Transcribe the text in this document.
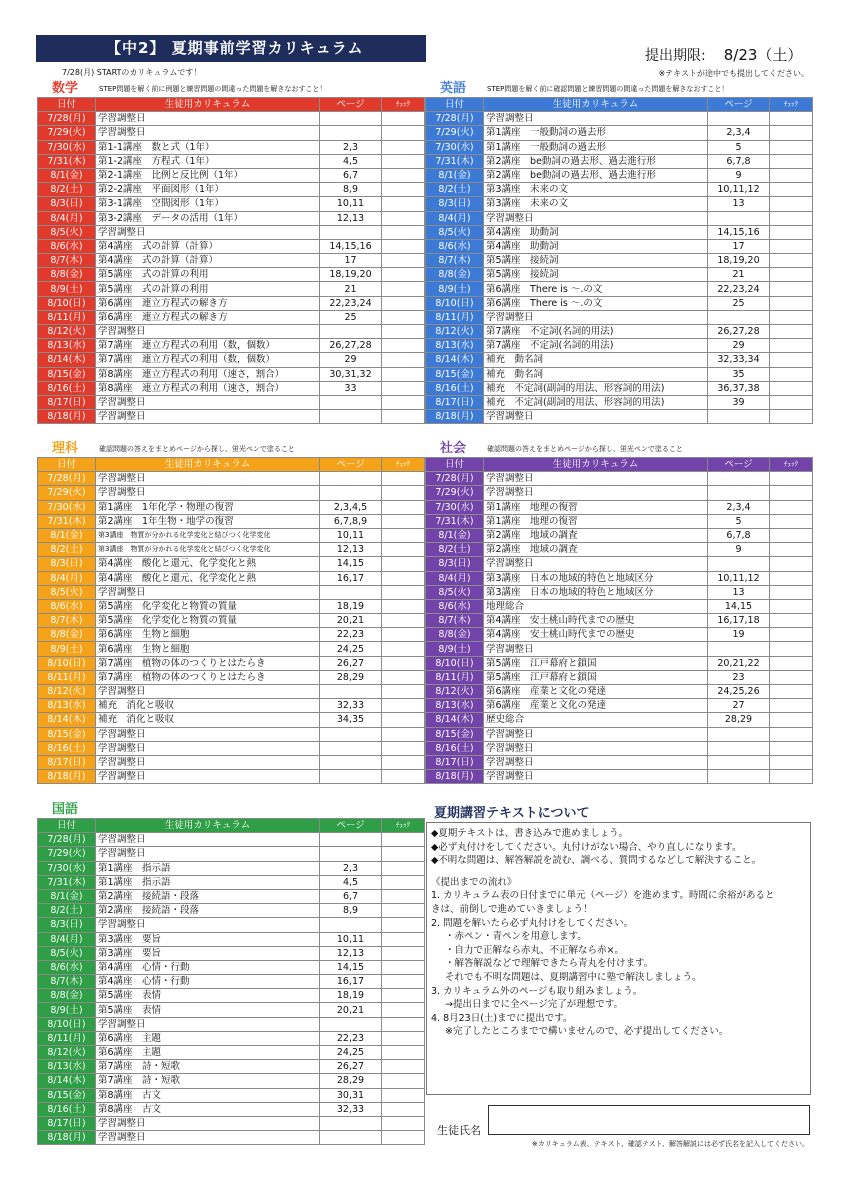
【中2】 夏期事前学習カリキュラム	提出期限: 8/23（土）
7/28(月) STARTのカリキュラムです！	※テキストが途中でも提出してください。
数学	STEP問題を解く前に例題と練習問題の間違った問題を解きなおすこと！
日付	生徒用カリキュラム	ページ	ﾁｪｯｸ
7/28(月)	学習調整日		
7/29(火)	学習調整日		
7/30(水)	第1-1講座　数と式（1年）	2,3	
7/31(木)	第1-2講座　方程式（1年）	4,5	
8/1(金)	第2-1講座　比例と反比例（1年）	6,7	
8/2(土)	第2-2講座　平面図形（1年）	8,9	
8/3(日)	第3-1講座　空間図形（1年）	10,11	
8/4(月)	第3-2講座　データの活用（1年）	12,13	
8/5(火)	学習調整日		
8/6(水)	第4講座　式の計算（計算）	14,15,16	
8/7(木)	第4講座　式の計算（計算）	17	
8/8(金)	第5講座　式の計算の利用	18,19,20	
8/9(土)	第5講座　式の計算の利用	21	
8/10(日)	第6講座　連立方程式の解き方	22,23,24	
8/11(月)	第6講座　連立方程式の解き方	25	
8/12(火)	学習調整日		
8/13(水)	第7講座　連立方程式の利用（数，個数）	26,27,28	
8/14(木)	第7講座　連立方程式の利用（数，個数）	29	
8/15(金)	第8講座　連立方程式の利用（速さ，割合）	30,31,32	
8/16(土)	第8講座　連立方程式の利用（速さ，割合）	33	
8/17(日)	学習調整日		
8/18(月)	学習調整日		
英語	STEP問題を解く前に確認問題と練習問題の間違った問題を解きなおすこと！
日付	生徒用カリキュラム	ページ	ﾁｪｯｸ
7/28(月)	学習調整日		
7/29(火)	第1講座　一般動詞の過去形	2,3,4	
7/30(水)	第1講座　一般動詞の過去形	5	
7/31(木)	第2講座　be動詞の過去形、過去進行形	6,7,8	
8/1(金)	第2講座　be動詞の過去形、過去進行形	9	
8/2(土)	第3講座　未来の文	10,11,12	
8/3(日)	第3講座　未来の文	13	
8/4(月)	学習調整日		
8/5(火)	第4講座　助動詞	14,15,16	
8/6(水)	第4講座　助動詞	17	
8/7(木)	第5講座　接続詞	18,19,20	
8/8(金)	第5講座　接続詞	21	
8/9(土)	第6講座　There is 〜.の文	22,23,24	
8/10(日)	第6講座　There is 〜.の文	25	
8/11(月)	学習調整日		
8/12(火)	第7講座　不定詞(名詞的用法)	26,27,28	
8/13(水)	第7講座　不定詞(名詞的用法)	29	
8/14(木)	補充　動名詞	32,33,34	
8/15(金)	補充　動名詞	35	
8/16(土)	補充　不定詞(副詞的用法、形容詞的用法)	36,37,38	
8/17(日)	補充　不定詞(副詞的用法、形容詞的用法)	39	
8/18(月)	学習調整日		
理科	確認問題の答えをまとめページから探し、蛍光ペンで塗ること
日付	生徒用カリキュラム	ページ	ﾁｪｯｸ
7/28(月)	学習調整日		
7/29(火)	学習調整日		
7/30(水)	第1講座　1年化学・物理の復習	2,3,4,5	
7/31(木)	第2講座　1年生物・地学の復習	6,7,8,9	
8/1(金)	第3講座　物質が分かれる化学変化と結びつく化学変化	10,11	
8/2(土)	第3講座　物質が分かれる化学変化と結びつく化学変化	12,13	
8/3(日)	第4講座　酸化と還元、化学変化と熱	14,15	
8/4(月)	第4講座　酸化と還元、化学変化と熱	16,17	
8/5(火)	学習調整日		
8/6(水)	第5講座　化学変化と物質の質量	18,19	
8/7(木)	第5講座　化学変化と物質の質量	20,21	
8/8(金)	第6講座　生物と細胞	22,23	
8/9(土)	第6講座　生物と細胞	24,25	
8/10(日)	第7講座　植物の体のつくりとはたらき	26,27	
8/11(月)	第7講座　植物の体のつくりとはたらき	28,29	
8/12(火)	学習調整日		
8/13(水)	補充　消化と吸収	32,33	
8/14(木)	補充　消化と吸収	34,35	
8/15(金)	学習調整日		
8/16(土)	学習調整日		
8/17(日)	学習調整日		
8/18(月)	学習調整日		
社会	確認問題の答えをまとめページから探し、蛍光ペンで塗ること
日付	生徒用カリキュラム	ページ	ﾁｪｯｸ
7/28(月)	学習調整日		
7/29(火)	学習調整日		
7/30(水)	第1講座　地理の復習	2,3,4	
7/31(木)	第1講座　地理の復習	5	
8/1(金)	第2講座　地域の調査	6,7,8	
8/2(土)	第2講座　地域の調査	9	
8/3(日)	学習調整日		
8/4(月)	第3講座　日本の地域的特色と地域区分	10,11,12	
8/5(火)	第3講座　日本の地域的特色と地域区分	13	
8/6(水)	地理総合	14,15	
8/7(木)	第4講座　安土桃山時代までの歴史	16,17,18	
8/8(金)	第4講座　安土桃山時代までの歴史	19	
8/9(土)	学習調整日		
8/10(日)	第5講座　江戸幕府と鎖国	20,21,22	
8/11(月)	第5講座　江戸幕府と鎖国	23	
8/12(火)	第6講座　産業と文化の発達	24,25,26	
8/13(水)	第6講座　産業と文化の発達	27	
8/14(木)	歴史総合	28,29	
8/15(金)	学習調整日		
8/16(土)	学習調整日		
8/17(日)	学習調整日		
8/18(月)	学習調整日		
国語
日付	生徒用カリキュラム	ページ	ﾁｪｯｸ
7/28(月)	学習調整日		
7/29(火)	学習調整日		
7/30(水)	第1講座　指示語	2,3	
7/31(木)	第1講座　指示語	4,5	
8/1(金)	第2講座　接続語・段落	6,7	
8/2(土)	第2講座　接続語・段落	8,9	
8/3(日)	学習調整日		
8/4(月)	第3講座　要旨	10,11	
8/5(火)	第3講座　要旨	12,13	
8/6(水)	第4講座　心情・行動	14,15	
8/7(木)	第4講座　心情・行動	16,17	
8/8(金)	第5講座　表情	18,19	
8/9(土)	第5講座　表情	20,21	
8/10(日)	学習調整日		
8/11(月)	第6講座　主題	22,23	
8/12(火)	第6講座　主題	24,25	
8/13(水)	第7講座　詩・短歌	26,27	
8/14(木)	第7講座　詩・短歌	28,29	
8/15(金)	第8講座　古文	30,31	
8/16(土)	第8講座　古文	32,33	
8/17(日)	学習調整日		
8/18(月)	学習調整日		
夏期講習テキストについて

◆夏期テキストは、書き込みで進めましょう。

◆必ず丸付けをしてください。丸付けがない場合、やり直しになります。

◆不明な問題は、解答解説を読む、調べる、質問するなどして解決すること。

《提出までの流れ》

1. カリキュラム表の日付までに単元（ページ）を進めます。時間に余裕があると

きは、前倒しで進めていきましょう！

2. 問題を解いたら必ず丸付けをしてください。

・赤ペン・青ペンを用意します。

・自力で正解なら赤丸、不正解なら赤×。

・解答解説などで理解できたら青丸を付けます。

それでも不明な問題は、夏期講習中に塾で解決しましょう。

3. カリキュラム外のページも取り組みましょう。

→提出日までに全ページ完了が理想です。

4. 8月23日(土)までに提出です。

※完了したところまでで構いませんので、必ず提出してください。

生徒氏名
※カリキュラム表、テキスト、確認テスト、解答解説には必ず氏名を記入してください。
